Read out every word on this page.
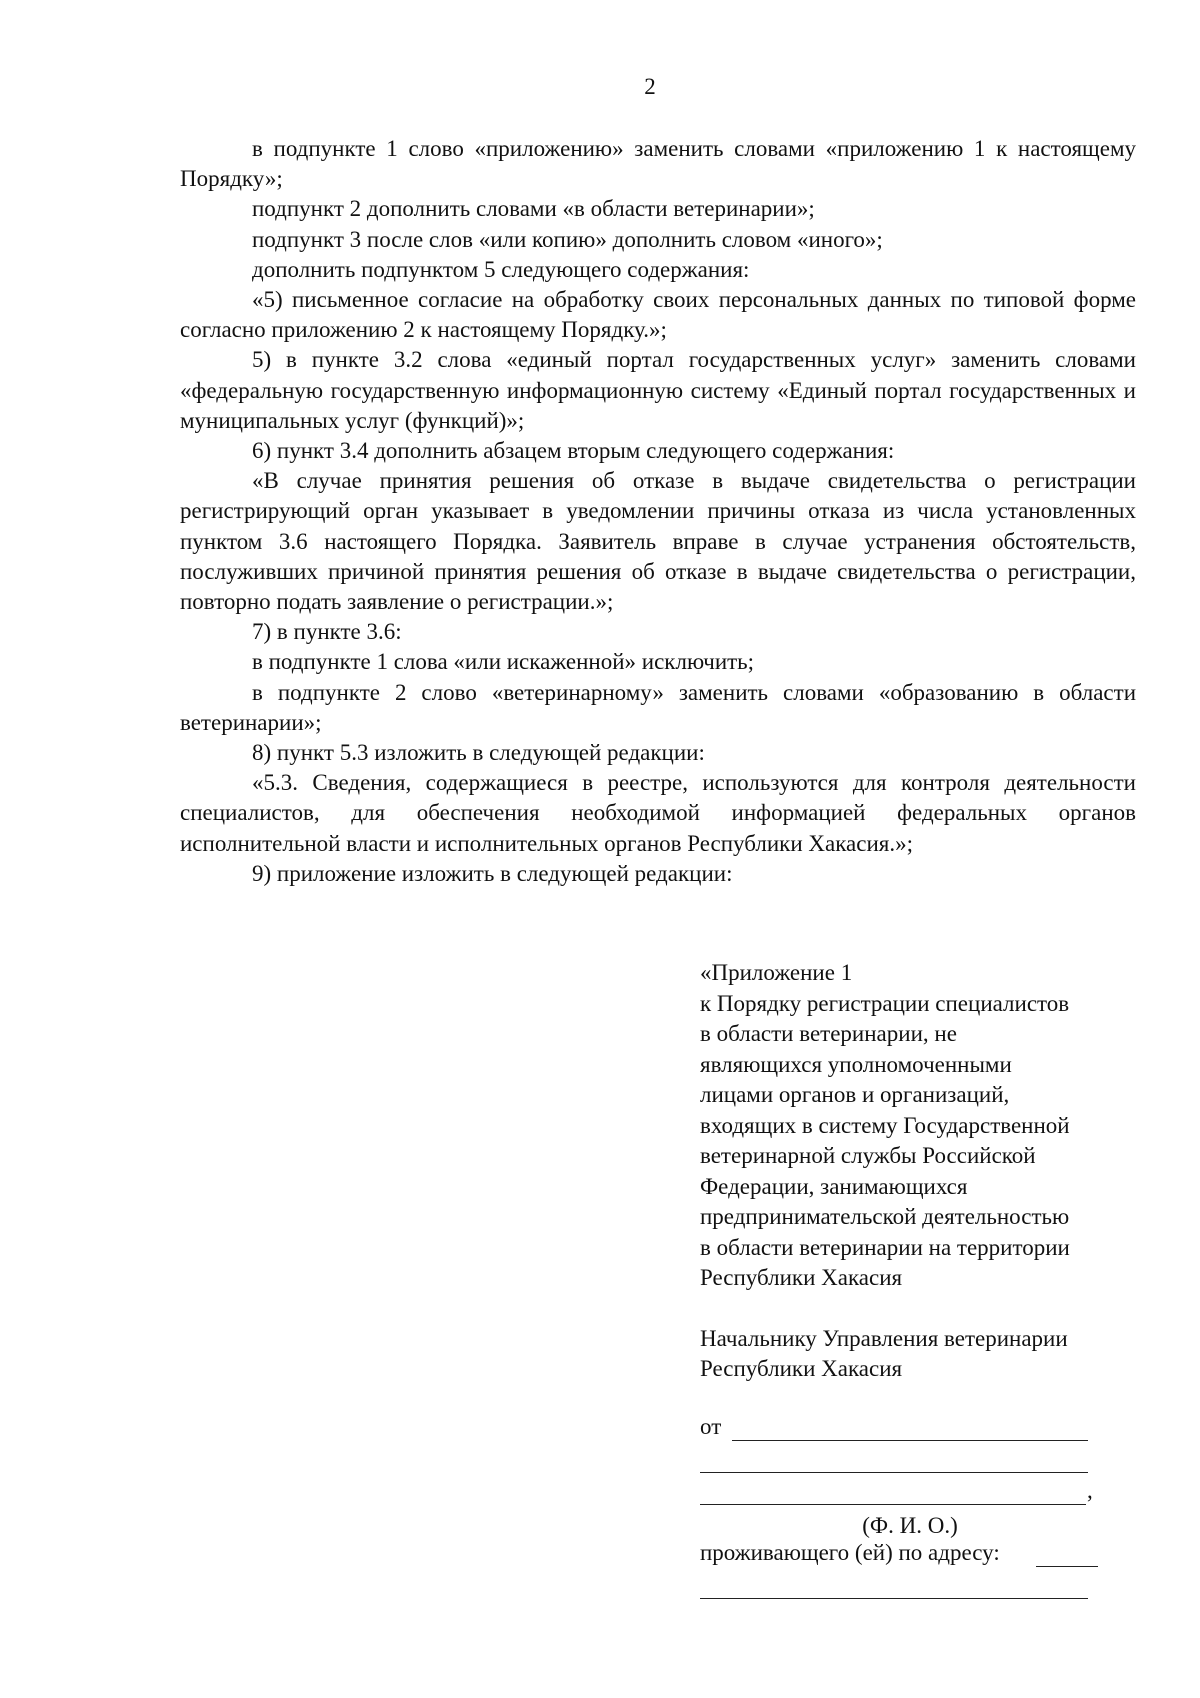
2

в подпункте 1 слово «приложению» заменить словами «приложению 1 к настоящему Порядку»;

подпункт 2 дополнить словами «в области ветеринарии»;

подпункт 3 после слов «или копию» дополнить словом «иного»;

дополнить подпунктом 5 следующего содержания:

«5) письменное согласие на обработку своих персональных данных по типовой форме согласно приложению 2 к настоящему Порядку.»;

5) в пункте 3.2 слова «единый портал государственных услуг» заменить словами «федеральную государственную информационную систему «Единый портал государственных и муниципальных услуг (функций)»;

6) пункт 3.4 дополнить абзацем вторым следующего содержания:

«В случае принятия решения об отказе в выдаче свидетельства о регистрации регистрирующий орган указывает в уведомлении причины отказа из числа установленных пунктом 3.6 настоящего Порядка. Заявитель вправе в случае устранения обстоятельств, послуживших причиной принятия решения об отказе в выдаче свидетельства о регистрации, повторно подать заявление о регистрации.»;

7) в пункте 3.6:

в подпункте 1 слова «или искаженной» исключить;

в подпункте 2 слово «ветеринарному» заменить словами «образованию в области ветеринарии»;

8) пункт 5.3 изложить в следующей редакции:

«5.3. Сведения, содержащиеся в реестре, используются для контроля деятельности специалистов, для обеспечения необходимой информацией федеральных органов исполнительной власти и исполнительных органов Республики Хакасия.»;

9) приложение изложить в следующей редакции:

«Приложение 1

к Порядку регистрации специалистов

в области ветеринарии, не

являющихся уполномоченными

лицами органов и организаций,

входящих в систему Государственной

ветеринарной службы Российской

Федерации, занимающихся

предпринимательской деятельностью

в области ветеринарии на территории

Республики Хакасия

Начальнику Управления ветеринарии

Республики Хакасия

от
,
(Ф. И. О.)
проживающего (ей) по адресу:
